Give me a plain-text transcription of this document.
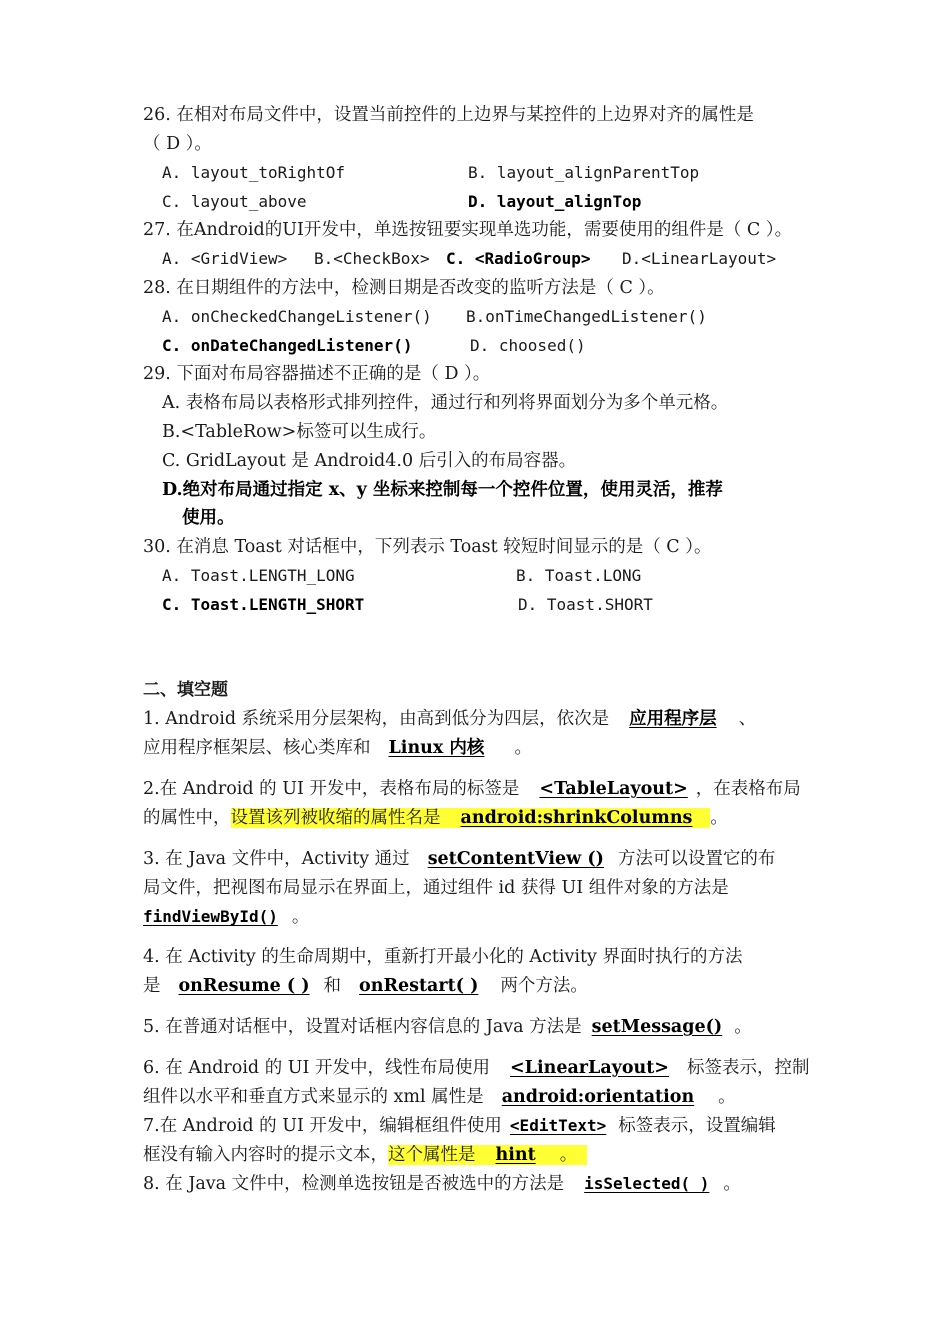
26. 在相对布局文件中，设置当前控件的上边界与某控件的上边界对齐的属性是
（ D ）。
A. layout_toRightOf	B. layout_alignParentTop
C. layout_above	D. layout_alignTop
27. 在Android的UI开发中，单选按钮要实现单选功能，需要使用的组件是（ C ）。
A. <GridView> B.<CheckBox> C. <RadioGroup> D.<LinearLayout>
28. 在日期组件的方法中，检测日期是否改变的监听方法是（ C ）。
A. onCheckedChangeListener() B.onTimeChangedListener()
C. onDateChangedListener()	D. choosed()
29. 下面对布局容器描述不正确的是（ D ）。
A. 表格布局以表格形式排列控件，通过行和列将界面划分为多个单元格。
B.<TableRow>标签可以生成行。
C. GridLayout 是 Android4.0 后引入的布局容器。
D.绝对布局通过指定 x、y 坐标来控制每一个控件位置，使用灵活，推荐
使用。
30. 在消息 Toast 对话框中，下列表示 Toast 较短时间显示的是（ C ）。
A. Toast.LENGTH_LONG	B. Toast.LONG
C. Toast.LENGTH_SHORT	D. Toast.SHORT
二、填空题
1. Android 系统采用分层架构，由高到低分为四层，依次是 应用程序层 、
应用程序框架层、核心类库和 Linux 内核 。
2.在 Android 的 UI 开发中，表格布局的标签是 <TableLayout> ，在表格布局
的属性中，设置该列被收缩的属性名是 android:shrinkColumns 。
3. 在 Java 文件中，Activity 通过 setContentView () 方法可以设置它的布
局文件，把视图布局显示在界面上，通过组件 id 获得 UI 组件对象的方法是
findViewById() 。
4. 在 Activity 的生命周期中，重新打开最小化的 Activity 界面时执行的方法
是 onResume ( ) 和 onRestart( ) 两个方法。
5. 在普通对话框中，设置对话框内容信息的 Java 方法是 setMessage() 。
6. 在 Android 的 UI 开发中，线性布局使用 <LinearLayout> 标签表示，控制
组件以水平和垂直方式来显示的 xml 属性是 android:orientation 。
7.在 Android 的 UI 开发中，编辑框组件使用 <EditText> 标签表示，设置编辑
框没有输入内容时的提示文本，这个属性是 hint 。
8. 在 Java 文件中，检测单选按钮是否被选中的方法是 isSelected( ) 。
